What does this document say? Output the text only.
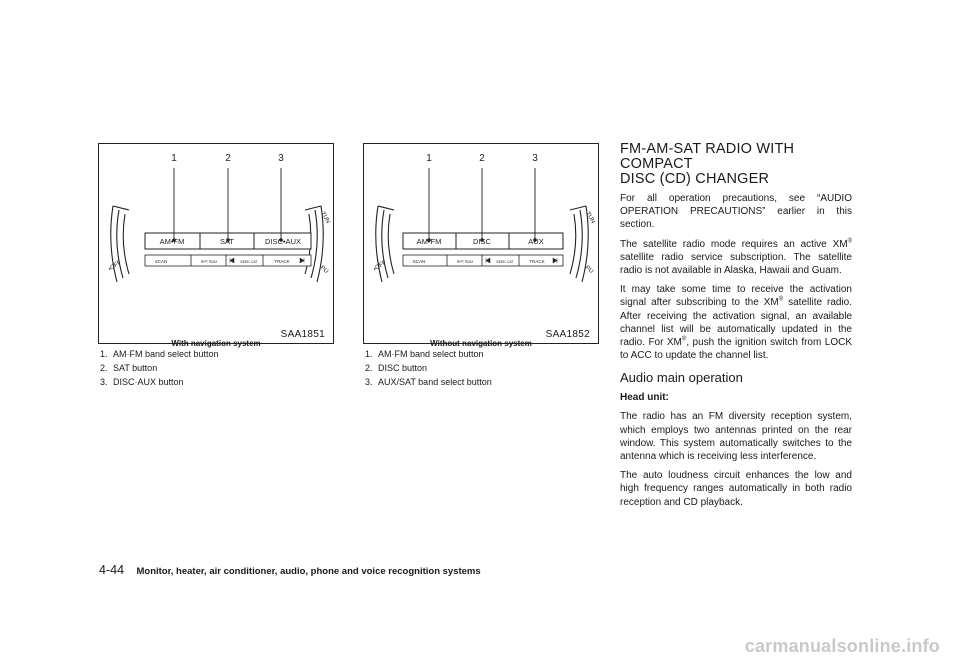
1	2	3
AM•FM	SAT	DISC•AUX
SCAN	RPT RDM	SEEK CAT	TRACK
•OFF
TUN
PU
SAA1851
With navigation system
1. AM·FM band select button
2. SAT button
3. DISC·AUX button
1	2	3
AM•FM	DISC	AUX
SCAN	RPT RDM	SEEK CAT	TRACK
•OFF
TUN
PU
SAA1852
Without navigation system
1. AM·FM band select button
2. DISC button
3. AUX/SAT band select button
FM-AM-SAT RADIO WITH COMPACT
DISC (CD) CHANGER

For all operation precautions, see “AUDIO OPERATION PRECAUTIONS” earlier in this section.

The satellite radio mode requires an active XM® satellite radio service subscription. The satellite radio is not available in Alaska, Hawaii and Guam.

It may take some time to receive the activation signal after subscribing to the XM® satellite radio. After receiving the activation signal, an available channel list will be automatically updated in the radio. For XM®, push the ignition switch from LOCK to ACC to update the channel list.

Audio main operation

Head unit:

The radio has an FM diversity reception system, which employs two antennas printed on the rear window. This system automatically switches to the antenna which is receiving less interference.

The auto loudness circuit enhances the low and high frequency ranges automatically in both radio reception and CD playback.

4-44 Monitor, heater, air conditioner, audio, phone and voice recognition systems
carmanualsonline.info
